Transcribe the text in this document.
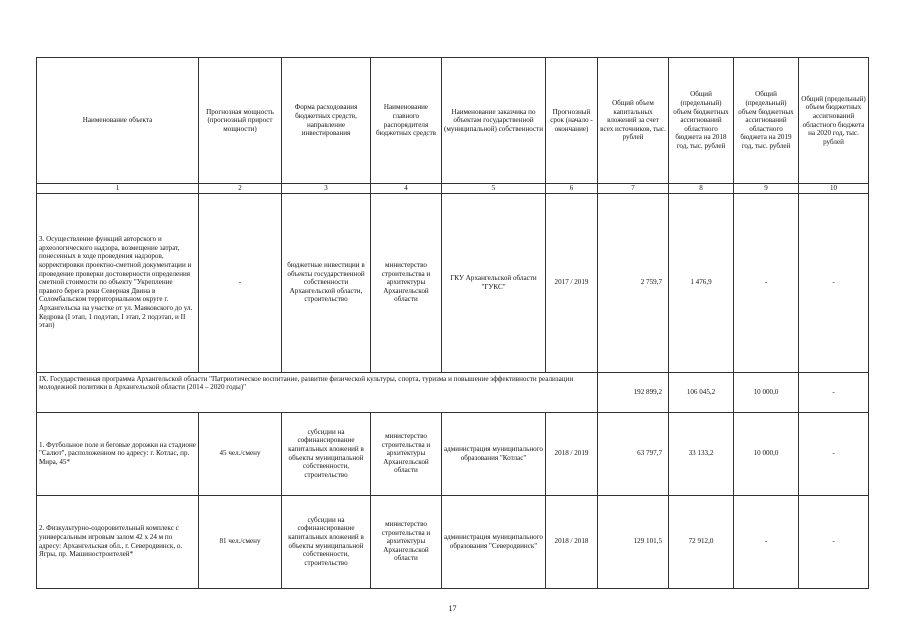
Наименование объекта	Прогнозная мощность (прогнозный прирост мощности)	Форма расходования бюджетных средств, направление инвестирования	Наименование главного распорядителя бюджетных средств	Наименование заказчика по объектам государственной (муниципальной) собственности	Прогнозный срок (начало - окончание)	Общий объем капитальных вложений за счет всех источников, тыс. рублей	Общий (предельный) объем бюджетных ассигнований областного бюджета на 2018 год, тыс. рублей	Общий (предельный) объем бюджетных ассигнований областного бюджета на 2019 год, тыс. рублей	Общий (предельный) объем бюджетных ассигнований областного бюджета на 2020 год, тыс. рублей
1	2	3	4	5	6	7	8	9	10
3. Осуществление функций авторского и археологического надзора, возмещение затрат, понесенных в ходе проведения надзоров, корректировки проектно-сметной документации и проведение проверки достоверности определения сметной стоимости по объекту "Укрепление правого берега реки Северная Двина в Соломбальском территориальном округе г. Архангельска на участке от ул. Маяковского до ул. Кедрова (I этап, 1 подэтап, I этап, 2 подэтап, и II этап)	-	бюджетные инвестиции в объекты государственной собственности Архангельской области, строительство	министерство строительства и архитектуры Архангельской области	ГКУ Архангельской области "ГУКС"	2017 / 2019	2 759,7	1 476,9	-	-
IX. Государственная программа Архангельской области "Патриотическое воспитание, развитие физической культуры, спорта, туризма и повышение эффективности реализации молодежной политики в Архангельской области (2014 – 2020 годы)"						192 899,2	106 045,2	10 000,0	-
1. Футбольное поле и беговые дорожки на стадионе "Салют", расположенном по адресу: г. Котлас, пр. Мира, 45*	45 чел./смену	субсидии на софинансирование капитальных вложений в объекты муниципальной собственности, строительство	министерство строительства и архитектуры Архангельской области	администрация муниципального образования "Котлас"	2018 / 2019	63 797,7	33 133,2	10 000,0	-
2. Физкультурно-оздоровительный комплекс с универсальным игровым залом 42 x 24 м по адресу: Архангельская обл., г. Северодвинск, о. Ягры, пр. Машиностроителей*	81 чел./смену	субсидии на софинансирование капитальных вложений в объекты муниципальной собственности, строительство	министерство строительства и архитектуры Архангельской области	администрация муниципального образования "Северодвинск"	2018 / 2018	129 101,5	72 912,0	-	-
17
